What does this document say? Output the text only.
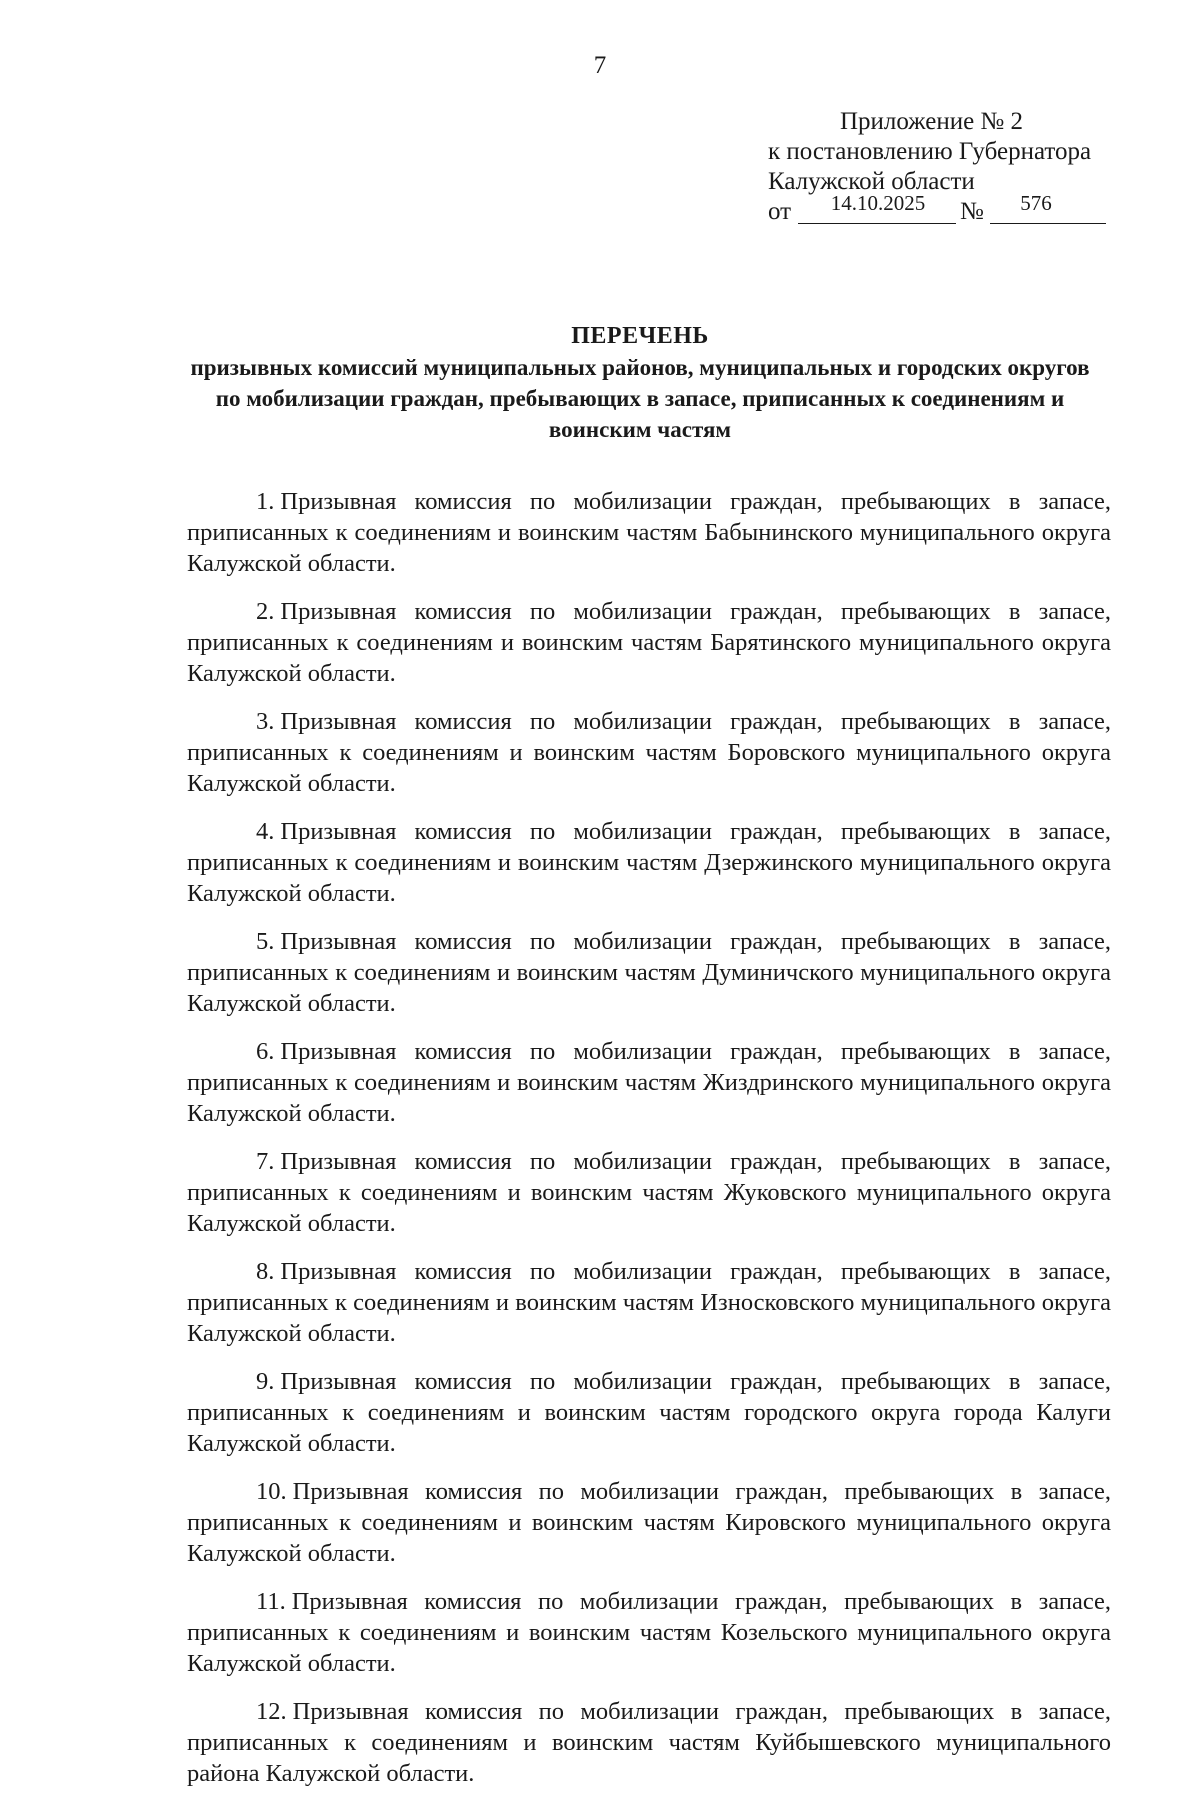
7
Приложение № 2
к постановлению Губернатора
Калужской области
от	14.10.2025	№	576
ПЕРЕЧЕНЬ
призывных комиссий муниципальных районов, муниципальных и городских округов по мобилизации граждан, пребывающих в запасе, приписанных к соединениям и воинским частям

1. Призывная комиссия по мобилизации граждан, пребывающих в запасе, приписанных к соединениям и воинским частям Бабынинского муниципального округа Калужской области.

2. Призывная комиссия по мобилизации граждан, пребывающих в запасе, приписанных к соединениям и воинским частям Барятинского муниципального округа Калужской области.

3. Призывная комиссия по мобилизации граждан, пребывающих в запасе, приписанных к соединениям и воинским частям Боровского муниципального округа Калужской области.

4. Призывная комиссия по мобилизации граждан, пребывающих в запасе, приписанных к соединениям и воинским частям Дзержинского муниципального округа Калужской области.

5. Призывная комиссия по мобилизации граждан, пребывающих в запасе, приписанных к соединениям и воинским частям Думиничского муниципального округа Калужской области.

6. Призывная комиссия по мобилизации граждан, пребывающих в запасе, приписанных к соединениям и воинским частям Жиздринского муниципального округа Калужской области.

7. Призывная комиссия по мобилизации граждан, пребывающих в запасе, приписанных к соединениям и воинским частям Жуковского муниципального округа Калужской области.

8. Призывная комиссия по мобилизации граждан, пребывающих в запасе, приписанных к соединениям и воинским частям Износковского муниципального округа Калужской области.

9. Призывная комиссия по мобилизации граждан, пребывающих в запасе, приписанных к соединениям и воинским частям городского округа города Калуги Калужской области.

10. Призывная комиссия по мобилизации граждан, пребывающих в запасе, приписанных к соединениям и воинским частям Кировского муниципального округа Калужской области.

11. Призывная комиссия по мобилизации граждан, пребывающих в запасе, приписанных к соединениям и воинским частям Козельского муниципального округа Калужской области.

12. Призывная комиссия по мобилизации граждан, пребывающих в запасе, приписанных к соединениям и воинским частям Куйбышевского муниципального района Калужской области.
